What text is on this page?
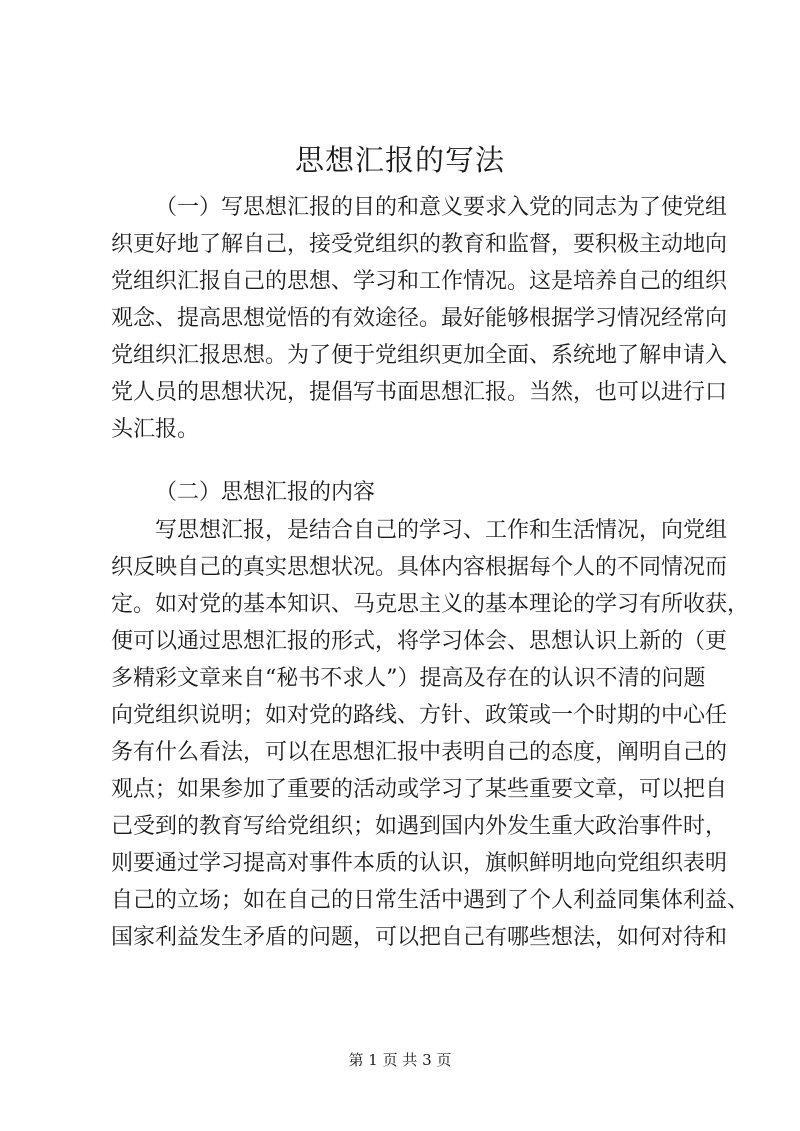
思想汇报的写法
（一）写思想汇报的目的和意义要求入党的同志为了使党组
织更好地了解自己，接受党组织的教育和监督，要积极主动地向
党组织汇报自己的思想、学习和工作情况。这是培养自己的组织
观念、提高思想觉悟的有效途径。最好能够根据学习情况经常向
党组织汇报思想。为了便于党组织更加全面、系统地了解申请入
党人员的思想状况，提倡写书面思想汇报。当然，也可以进行口
头汇报。
（二）思想汇报的内容
写思想汇报，是结合自己的学习、工作和生活情况，向党组
织反映自己的真实思想状况。具体内容根据每个人的不同情况而
定。如对党的基本知识、马克思主义的基本理论的学习有所收获，
便可以通过思想汇报的形式，将学习体会、思想认识上新的（更
多精彩文章来自“秘书不求人”）提高及存在的认识不清的问题
向党组织说明；如对党的路线、方针、政策或一个时期的中心任
务有什么看法，可以在思想汇报中表明自己的态度，阐明自己的
观点；如果参加了重要的活动或学习了某些重要文章，可以把自
己受到的教育写给党组织；如遇到国内外发生重大政治事件时，
则要通过学习提高对事件本质的认识，旗帜鲜明地向党组织表明
自己的立场；如在自己的日常生活中遇到了个人利益同集体利益、
国家利益发生矛盾的问题，可以把自己有哪些想法，如何对待和
第 1 页 共 3 页
